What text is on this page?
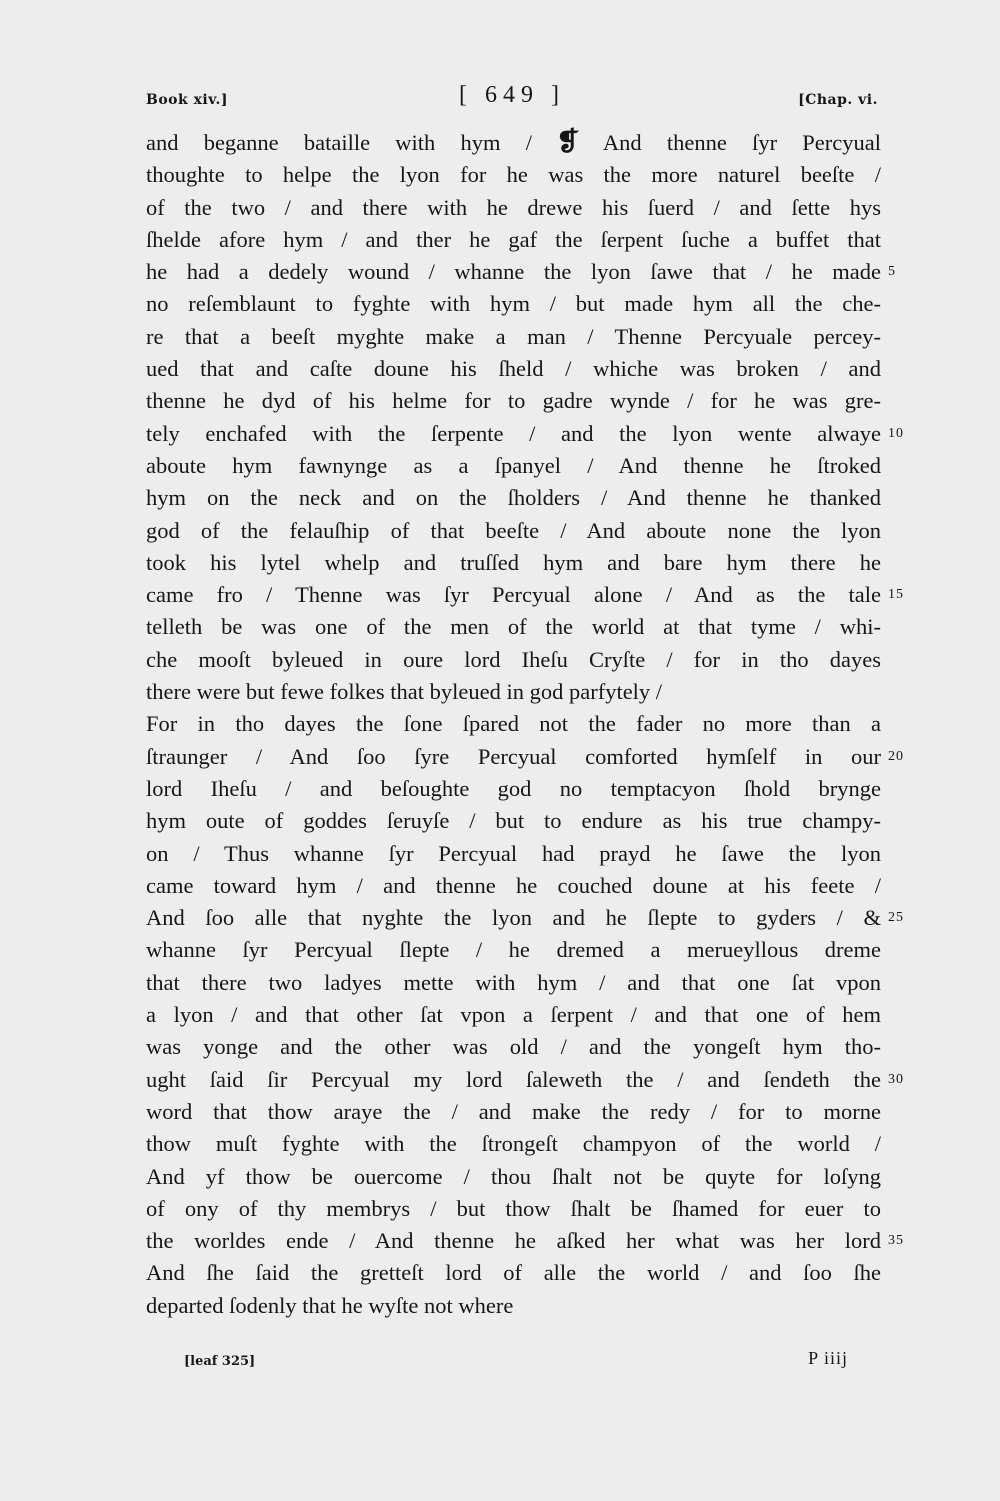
Book xiv.]	[ 649 ]	[Chap. vi.
and beganne bataille with hym / ❡ And thenne ſyr Percyual
thoughte to helpe the lyon for he was the more naturel beeſte /
of the two / and there with he drewe his ſuerd / and ſette hys
ſhelde afore hym / and ther he gaf the ſerpent ſuche a buffet that
he had a dedely wound / whanne the lyon ſawe that / he made 5
no reſemblaunt to fyghte with hym / but made hym all the che-
re that a beeſt myghte make a man / Thenne Percyuale percey-
ued that and caſte doune his ſheld / whiche was broken / and
thenne he dyd of his helme for to gadre wynde / for he was gre-
tely enchafed with the ſerpente / and the lyon wente alwaye 10
aboute hym fawnynge as a ſpanyel / And thenne he ſtroked
hym on the neck and on the ſholders / And thenne he thanked
god of the felauſhip of that beeſte / And aboute none the lyon
took his lytel whelp and truſſed hym and bare hym there he
came fro / Thenne was ſyr Percyual alone / And as the tale 15
telleth be was one of the men of the world at that tyme / whi-
che mooſt byleued in oure lord Iheſu Cryſte / for in tho dayes
there were but fewe folkes that byleued in god parfytely /
For in tho dayes the ſone ſpared not the fader no more than a
ſtraunger / And ſoo ſyre Percyual comforted hymſelf in our 20
lord Iheſu / and beſoughte god no temptacyon ſhold brynge
hym oute of goddes ſeruyſe / but to endure as his true champy-
on / Thus whanne ſyr Percyual had prayd he ſawe the lyon
came toward hym / and thenne he couched doune at his feete /
And ſoo alle that nyghte the lyon and he ſlepte to gyders / & 25
whanne ſyr Percyual ſlepte / he dremed a merueyllous dreme
that there two ladyes mette with hym / and that one ſat vpon
a lyon / and that other ſat vpon a ſerpent / and that one of hem
was yonge and the other was old / and the yongeſt hym tho-
ught ſaid ſir Percyual my lord ſaleweth the / and ſendeth the 30
word that thow araye the / and make the redy / for to morne
thow muſt fyghte with the ſtrongeſt champyon of the world /
And yf thow be ouercome / thou ſhalt not be quyte for loſyng
of ony of thy membrys / but thow ſhalt be ſhamed for euer to
the worldes ende / And thenne he aſked her what was her lord 35
And ſhe ſaid the gretteſt lord of alle the world / and ſoo ſhe
departed ſodenly that he wyſte not where
[leaf 325]	P iiij
